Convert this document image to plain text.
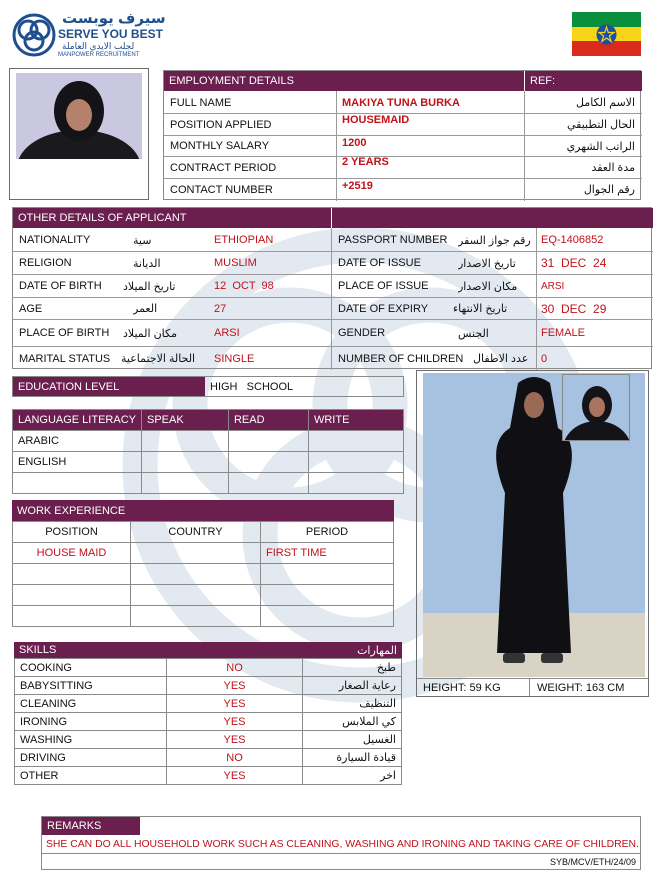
سيرف يوبست
SERVE YOU BEST
لجلب الايدي العاملة
MANPOWER RECRUITMENT
EMPLOYMENT DETAILS	REF:
FULL NAME	MAKIYA TUNA BURKA	الاسم الكامل
POSITION APPLIED	HOUSEMAID	الحال التطبيقي
MONTHLY SALARY	1200	الراتب الشهري
CONTRACT PERIOD	2 YEARS	مدة العقد
CONTACT NUMBER	+2519	رقم الجوال
OTHER DETAILS OF APPLICANT
NATIONALITY	سية	ETHIOPIAN
RELIGION	الديانة	MUSLIM
DATE OF BIRTH تاريخ الميلاد	12  OCT  98
AGE	العمر	27
PLACE OF BIRTH مكان الميلاد	ARSI
MARITAL STATUS الحالة الاجتماعية	SINGLE
PASSPORT NUMBER رقم جواز السفر EQ-1406852
DATE OF ISSUE	تاريخ الاصدار	31  DEC  24
PLACE OF ISSUE	مكان الاصدار	ARSI
DATE OF EXPIRY تاريخ الانتهاء	30  DEC  29
GENDER	الجنس	FEMALE
NUMBER OF CHILDREN عدد الاطفال	0
EDUCATION LEVEL	HIGH   SCHOOL
LANGUAGE LITERACY	SPEAK	READ	WRITE
ARABIC			
ENGLISH			

WORK EXPERIENCE
POSITION	COUNTRY	PERIOD
HOUSE MAID		FIRST TIME

SKILLS	المهارات
COOKING	NO	طبخ
BABYSITTING	YES	رعاية الصغار
CLEANING	YES	التنظيف
IRONING	YES	كي الملابس
WASHING	YES	الغسيل
DRIVING	NO	قيادة السيارة
OTHER	YES	اخر
HEIGHT: 59 KG	WEIGHT: 163 CM
REMARKS
SHE CAN DO ALL HOUSEHOLD WORK SUCH AS CLEANING, WASHING AND IRONING AND TAKING CARE OF CHILDREN.
SYB/MCV/ETH/24/09
